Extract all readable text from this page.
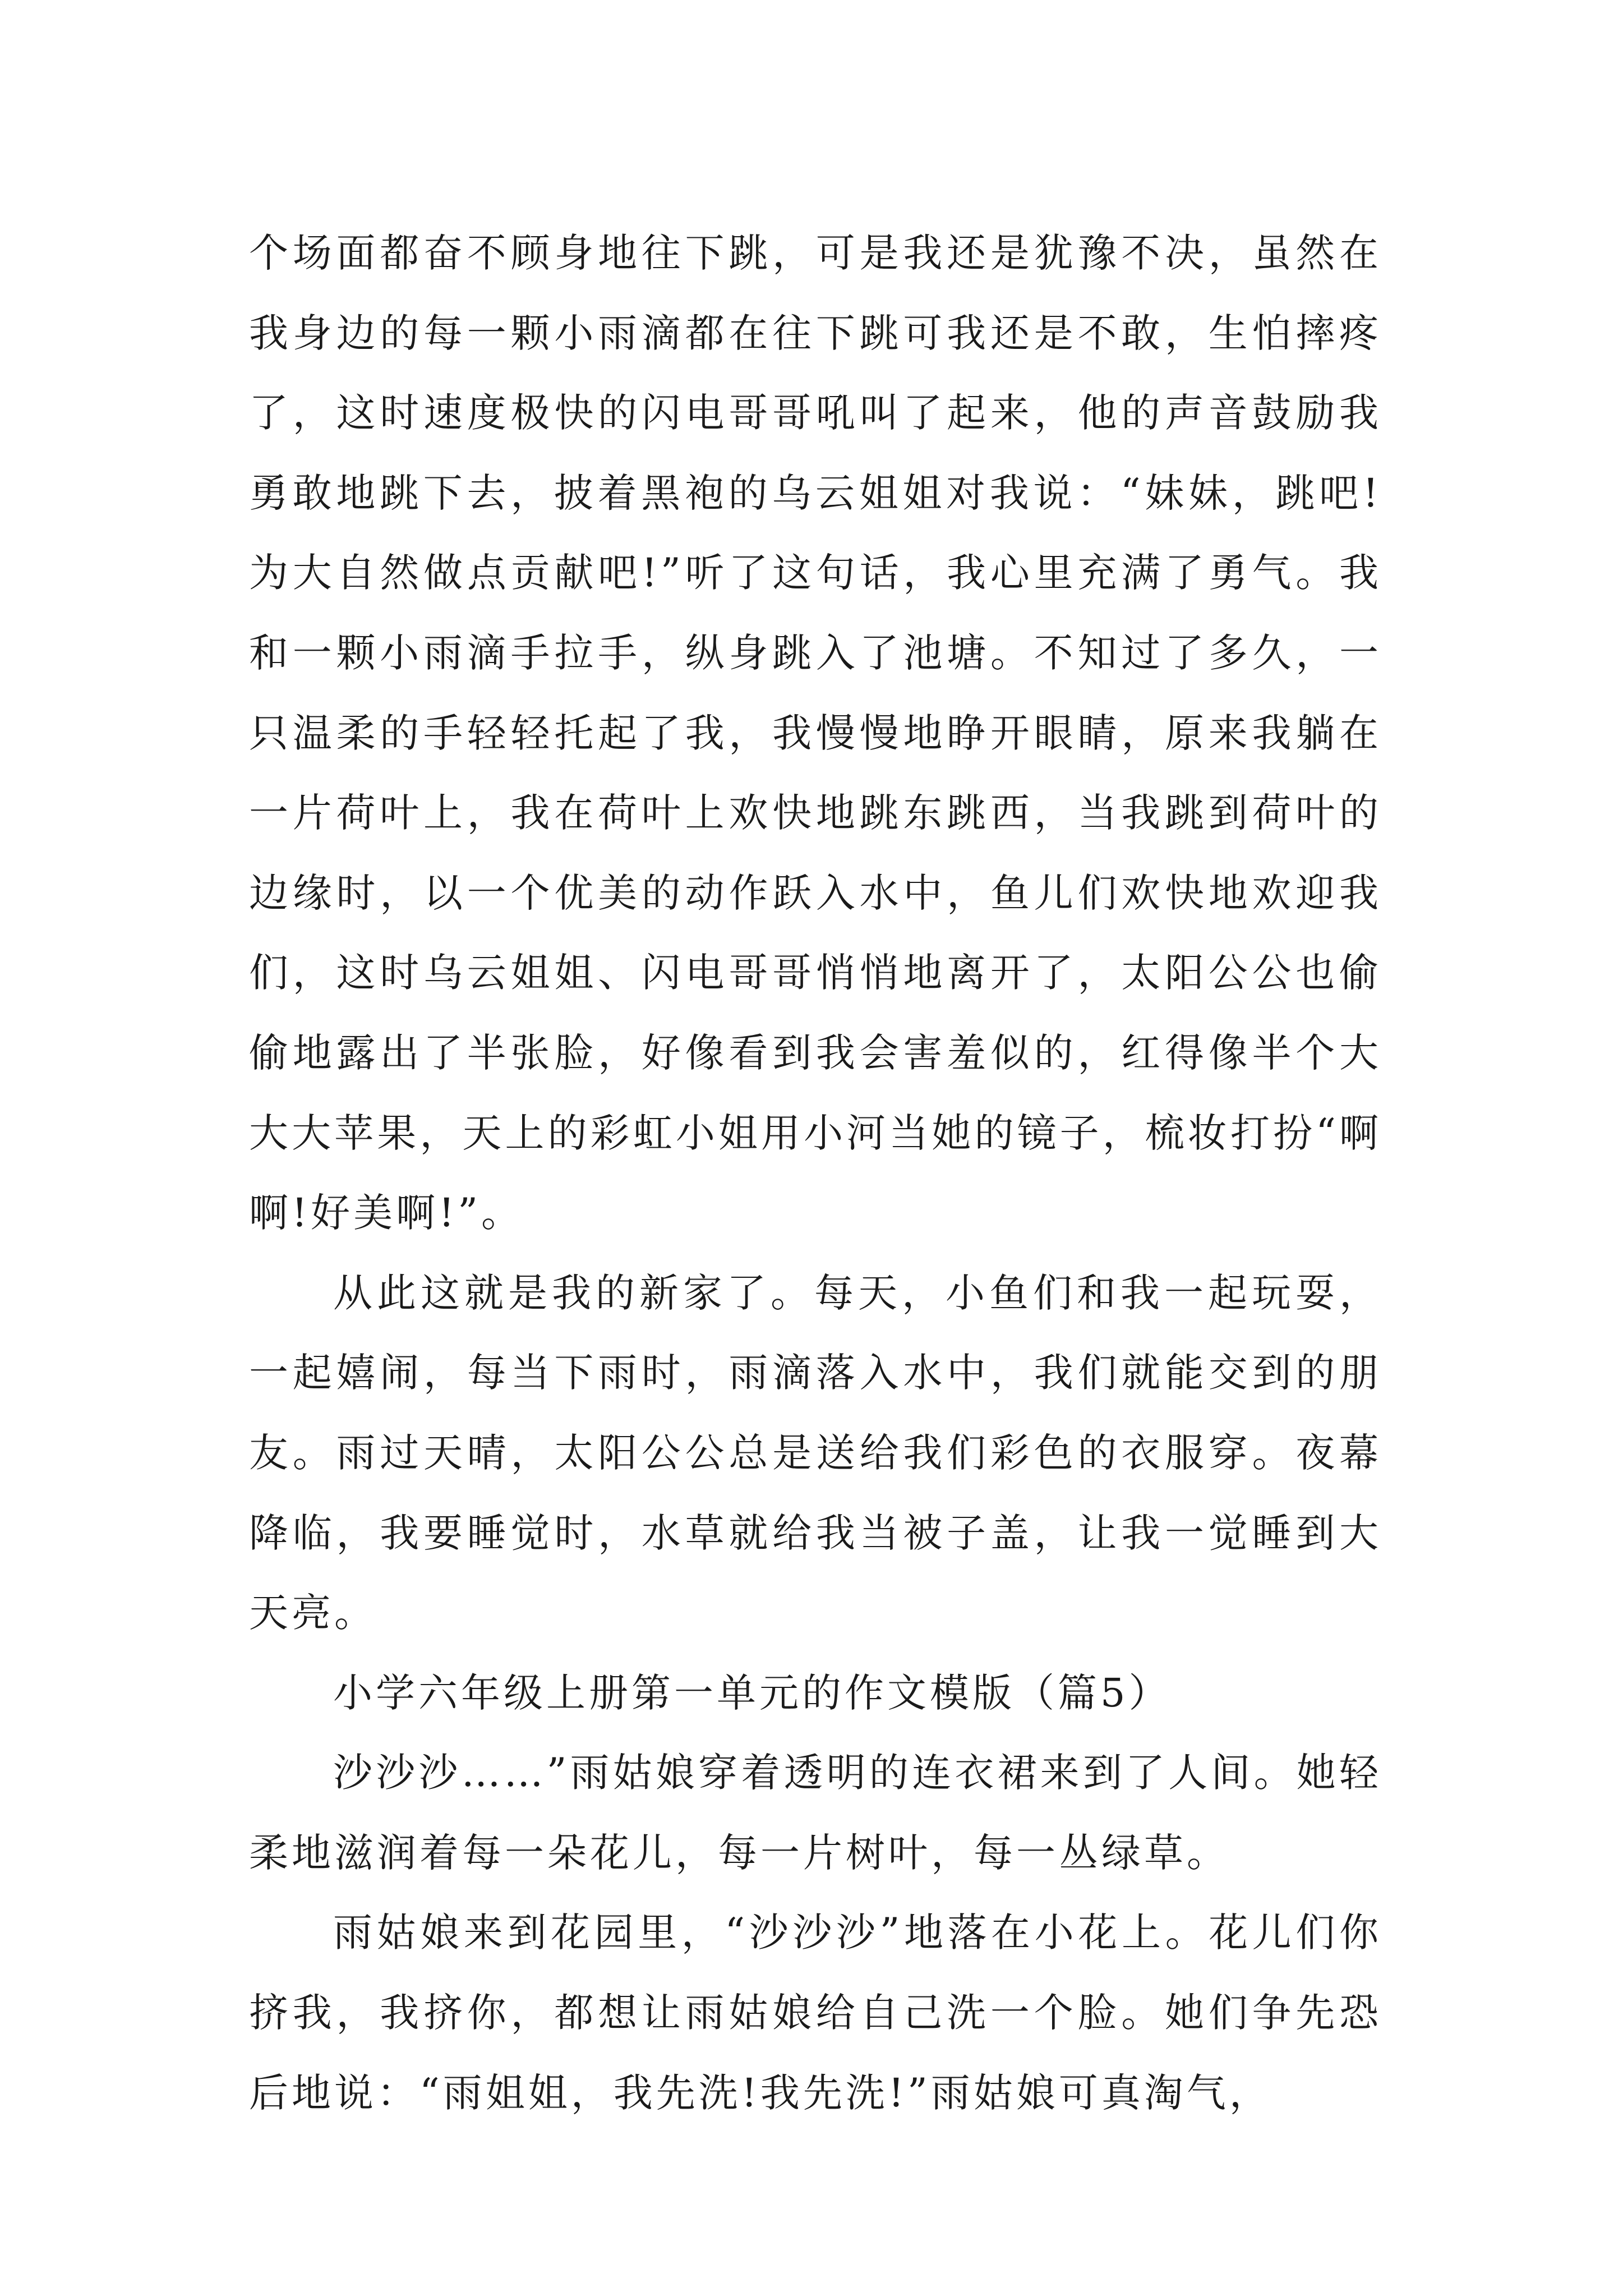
个场面都奋不顾身地往下跳，可是我还是犹豫不决，虽然在我身边的每一颗小雨滴都在往下跳可我还是不敢，生怕摔疼了，这时速度极快的闪电哥哥吼叫了起来，他的声音鼓励我勇敢地跳下去，披着黑袍的乌云姐姐对我说：“妹妹，跳吧!为大自然做点贡献吧!”听了这句话，我心里充满了勇气。我和一颗小雨滴手拉手，纵身跳入了池塘。不知过了多久，一只温柔的手轻轻托起了我，我慢慢地睁开眼睛，原来我躺在一片荷叶上，我在荷叶上欢快地跳东跳西，当我跳到荷叶的边缘时，以一个优美的动作跃入水中，鱼儿们欢快地欢迎我们，这时乌云姐姐、闪电哥哥悄悄地离开了，太阳公公也偷偷地露出了半张脸，好像看到我会害羞似的，红得像半个大大大苹果，天上的彩虹小姐用小河当她的镜子，梳妆打扮“啊啊!好美啊!”。

从此这就是我的新家了。每天，小鱼们和我一起玩耍，一起嬉闹，每当下雨时，雨滴落入水中，我们就能交到的朋友。雨过天晴，太阳公公总是送给我们彩色的衣服穿。夜幕降临，我要睡觉时，水草就给我当被子盖，让我一觉睡到大天亮。

小学六年级上册第一单元的作文模版（篇5）

沙沙沙……”雨姑娘穿着透明的连衣裙来到了人间。她轻柔地滋润着每一朵花儿，每一片树叶，每一丛绿草。

雨姑娘来到花园里，“沙沙沙”地落在小花上。花儿们你挤我，我挤你，都想让雨姑娘给自己洗一个脸。她们争先恐后地说：“雨姐姐，我先洗!我先洗!”雨姑娘可真淘气，
